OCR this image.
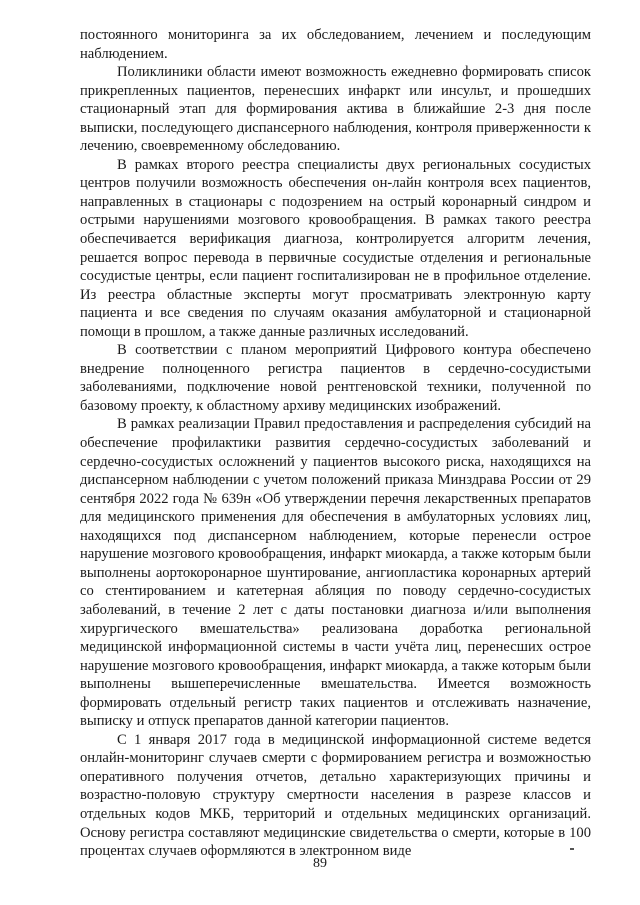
постоянного мониторинга за их обследованием, лечением и последующим наблюдением.

Поликлиники области имеют возможность ежедневно формировать список прикрепленных пациентов, перенесших инфаркт или инсульт, и прошедших стационарный этап для формирования актива в ближайшие 2-3 дня после выписки, последующего диспансерного наблюдения, контроля приверженности к лечению, своевременному обследованию.

В рамках второго реестра специалисты двух региональных сосудистых центров получили возможность обеспечения он-лайн контроля всех пациентов, направленных в стационары с подозрением на острый коронарный синдром и острыми нарушениями мозгового кровообращения. В рамках такого реестра обеспечивается верификация диагноза, контролируется алгоритм лечения, решается вопрос перевода в первичные сосудистые отделения и региональные сосудистые центры, если пациент госпитализирован не в профильное отделение. Из реестра областные эксперты могут просматривать электронную карту пациента и все сведения по случаям оказания амбулаторной и стационарной помощи в прошлом, а также данные различных исследований.

В соответствии с планом мероприятий Цифрового контура обеспечено внедрение полноценного регистра пациентов в сердечно-сосудистыми заболеваниями, подключение новой рентгеновской техники, полученной по базовому проекту, к областному архиву медицинских изображений.

В рамках реализации Правил предоставления и распределения субсидий на обеспечение профилактики развития сердечно-сосудистых заболеваний и сердечно-сосудистых осложнений у пациентов высокого риска, находящихся на диспансерном наблюдении с учетом положений приказа Минздрава России от 29 сентября 2022 года № 639н «Об утверждении перечня лекарственных препаратов для медицинского применения для обеспечения в амбулаторных условиях лиц, находящихся под диспансерном наблюдением, которые перенесли острое нарушение мозгового кровообращения, инфаркт миокарда, а также которым были выполнены аортокоронарное шунтирование, ангиопластика коронарных артерий со стентированием и катетерная абляция по поводу сердечно-сосудистых заболеваний, в течение 2 лет с даты постановки диагноза и/или выполнения хирургического вмешательства» реализована доработка региональной медицинской информационной системы в части учёта лиц, перенесших острое нарушение мозгового кровообращения, инфаркт миокарда, а также которым были выполнены вышеперечисленные вмешательства. Имеется возможность формировать отдельный регистр таких пациентов и отслеживать назначение, выписку и отпуск препаратов данной категории пациентов.

С 1 января 2017 года в медицинской информационной системе ведется онлайн-мониторинг случаев смерти с формированием регистра и возможностью оперативного получения отчетов, детально характеризующих причины и возрастно-половую структуру смертности населения в разрезе классов и отдельных кодов МКБ, территорий и отдельных медицинских организаций. Основу регистра составляют медицинские свидетельства о смерти, которые в 100 процентах случаев оформляются в электронном виде

89
